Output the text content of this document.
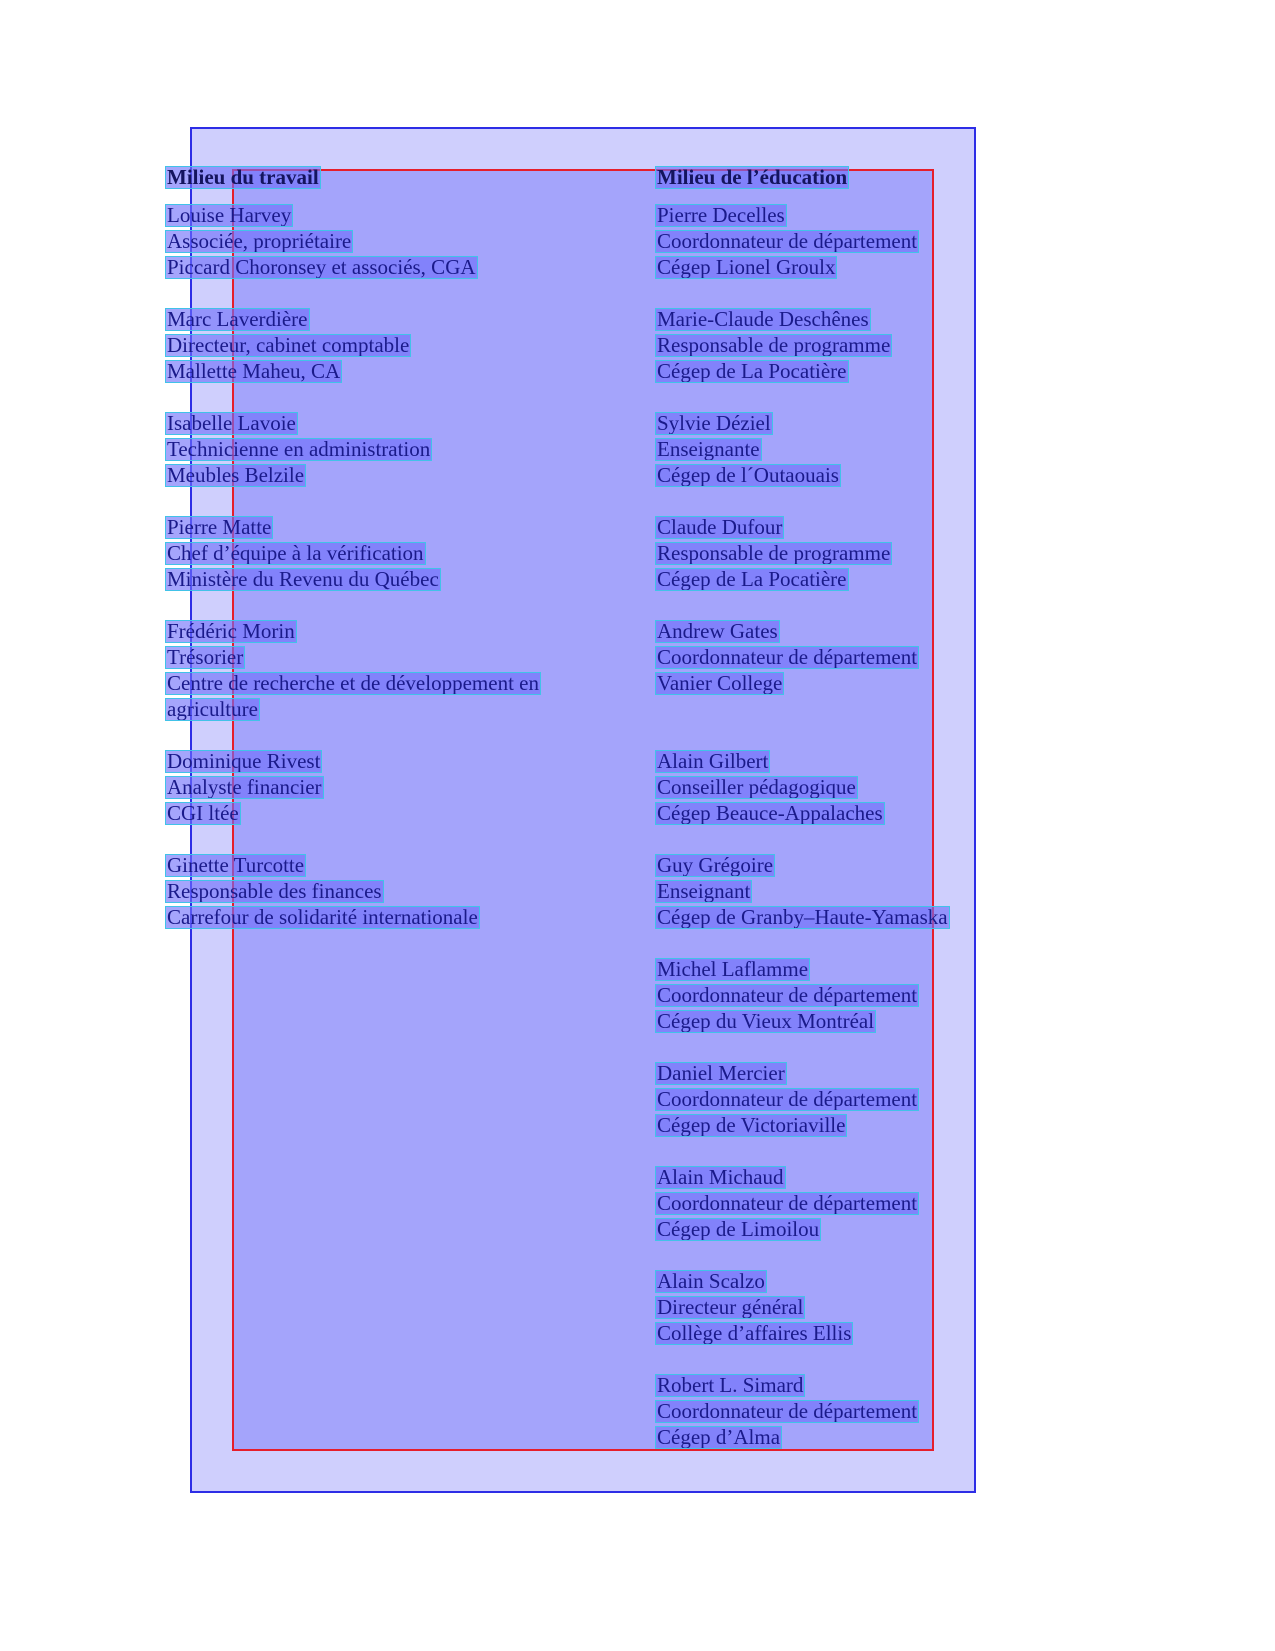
Milieu du travail	Milieu de l’éducation
Louise Harvey
Associée, propriétaire
Piccard Choronsey et associés, CGA
Marc Laverdière
Directeur, cabinet comptable
Mallette Maheu, CA
Isabelle Lavoie
Technicienne en administration
Meubles Belzile
Pierre Matte
Chef d’équipe à la vérification
Ministère du Revenu du Québec
Frédéric Morin
Trésorier
Centre de recherche et de développement en
agriculture
Dominique Rivest
Analyste financier
CGI ltée
Ginette Turcotte
Responsable des finances
Carrefour de solidarité internationale
Pierre Decelles
Coordonnateur de département
Cégep Lionel Groulx
Marie-Claude Deschênes
Responsable de programme
Cégep de La Pocatière
Sylvie Déziel
Enseignante
Cégep de l´Outaouais
Claude Dufour
Responsable de programme
Cégep de La Pocatière
Andrew Gates
Coordonnateur de département
Vanier College
Alain Gilbert
Conseiller pédagogique
Cégep Beauce-Appalaches
Guy Grégoire
Enseignant
Cégep de Granby–Haute-Yamaska
Michel Laflamme
Coordonnateur de département
Cégep du Vieux Montréal
Daniel Mercier
Coordonnateur de département
Cégep de Victoriaville
Alain Michaud
Coordonnateur de département
Cégep de Limoilou
Alain Scalzo
Directeur général
Collège d’affaires Ellis
Robert L. Simard
Coordonnateur de département
Cégep d’Alma
